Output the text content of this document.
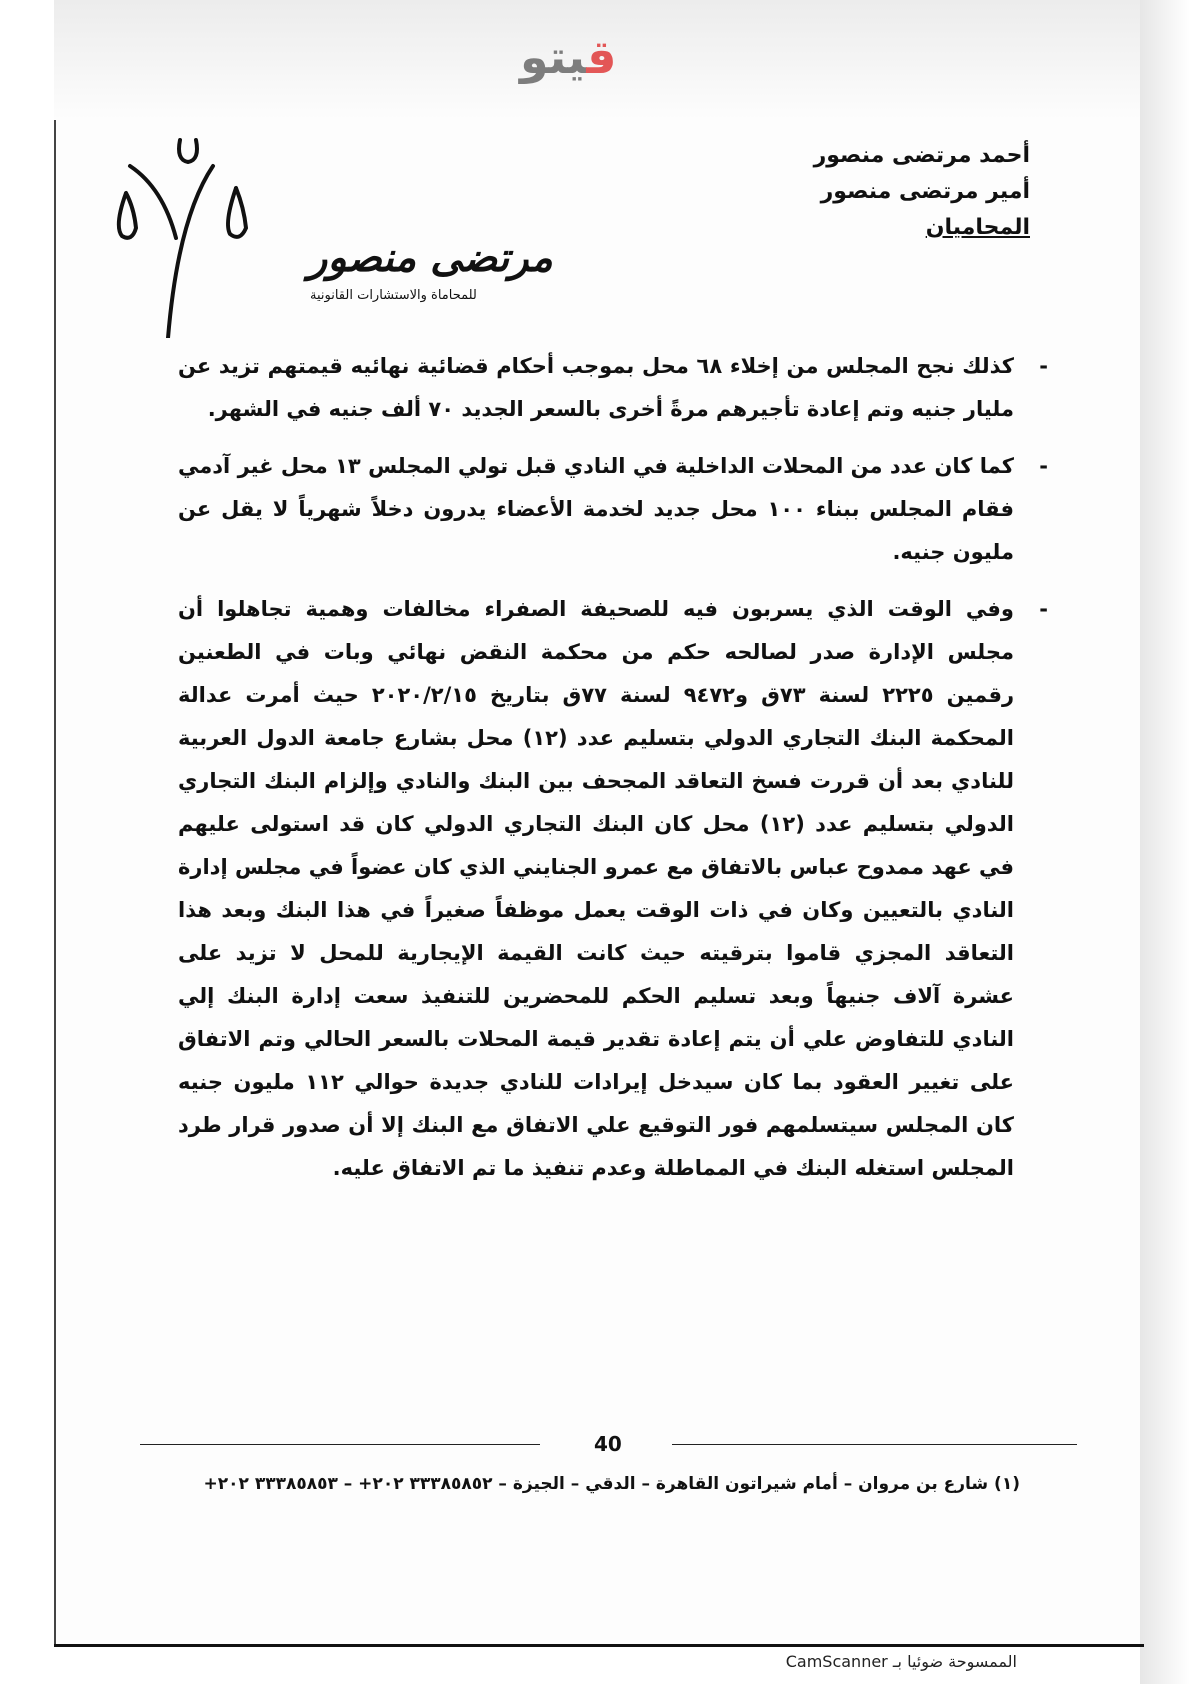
أحمد مرتضى منصور
أمير مرتضى منصور
المحاميان
مرتضى منصور
للمحاماة والاستشارات القانونية
-
كذلك نجح المجلس من إخلاء ٦٨ محل بموجب أحكام قضائية نهائيه قيمتهم تزيد عن مليار جنيه وتم إعادة تأجيرهم مرةً أخرى بالسعر الجديد ٧٠ ألف جنيه في الشهر.
-
كما كان عدد من المحلات الداخلية في النادي قبل تولي المجلس ١٣ محل غير آدمي فقام المجلس ببناء ١٠٠ محل جديد لخدمة الأعضاء يدرون دخلاً شهرياً لا يقل عن مليون جنيه.
-
وفي الوقت الذي يسربون فيه للصحيفة الصفراء مخالفات وهمية تجاهلوا أن مجلس الإدارة صدر لصالحه حكم من محكمة النقض نهائي وبات في الطعنين رقمين ٢٢٢٥ لسنة ٧٣ق و٩٤٧٢ لسنة ٧٧ق بتاريخ ٢٠٢٠/٢/١٥ حيث أمرت عدالة المحكمة البنك التجاري الدولي بتسليم عدد (١٢) محل بشارع جامعة الدول العربية للنادي بعد أن قررت فسخ التعاقد المجحف بين البنك والنادي وإلزام البنك التجاري الدولي بتسليم عدد (١٢) محل كان البنك التجاري الدولي كان قد استولى عليهم في عهد ممدوح عباس بالاتفاق مع عمرو الجنايني الذي كان عضواً في مجلس إدارة النادي بالتعيين وكان في ذات الوقت يعمل موظفاً صغيراً في هذا البنك وبعد هذا التعاقد المجزي قاموا بترقيته حيث كانت القيمة الإيجارية للمحل لا تزيد على عشرة آلاف جنيهاً وبعد تسليم الحكم للمحضرين للتنفيذ سعت إدارة البنك إلي النادي للتفاوض علي أن يتم إعادة تقدير قيمة المحلات بالسعر الحالي وتم الاتفاق على تغيير العقود بما كان سيدخل إيرادات للنادي جديدة حوالي ١١٢ مليون جنيه كان المجلس سيتسلمهم فور التوقيع علي الاتفاق مع البنك إلا أن صدور قرار طرد المجلس استغله البنك في المماطلة وعدم تنفيذ ما تم الاتفاق عليه.
قيتو
40
(١) شارع بن مروان – أمام شيراتون القاهرة – الدقي – الجيزة – ٣٣٣٨٥٨٥٢ ٢٠٢+ – ٣٣٣٨٥٨٥٣ ٢٠٢+
الممسوحة ضوئيا بـ CamScanner
